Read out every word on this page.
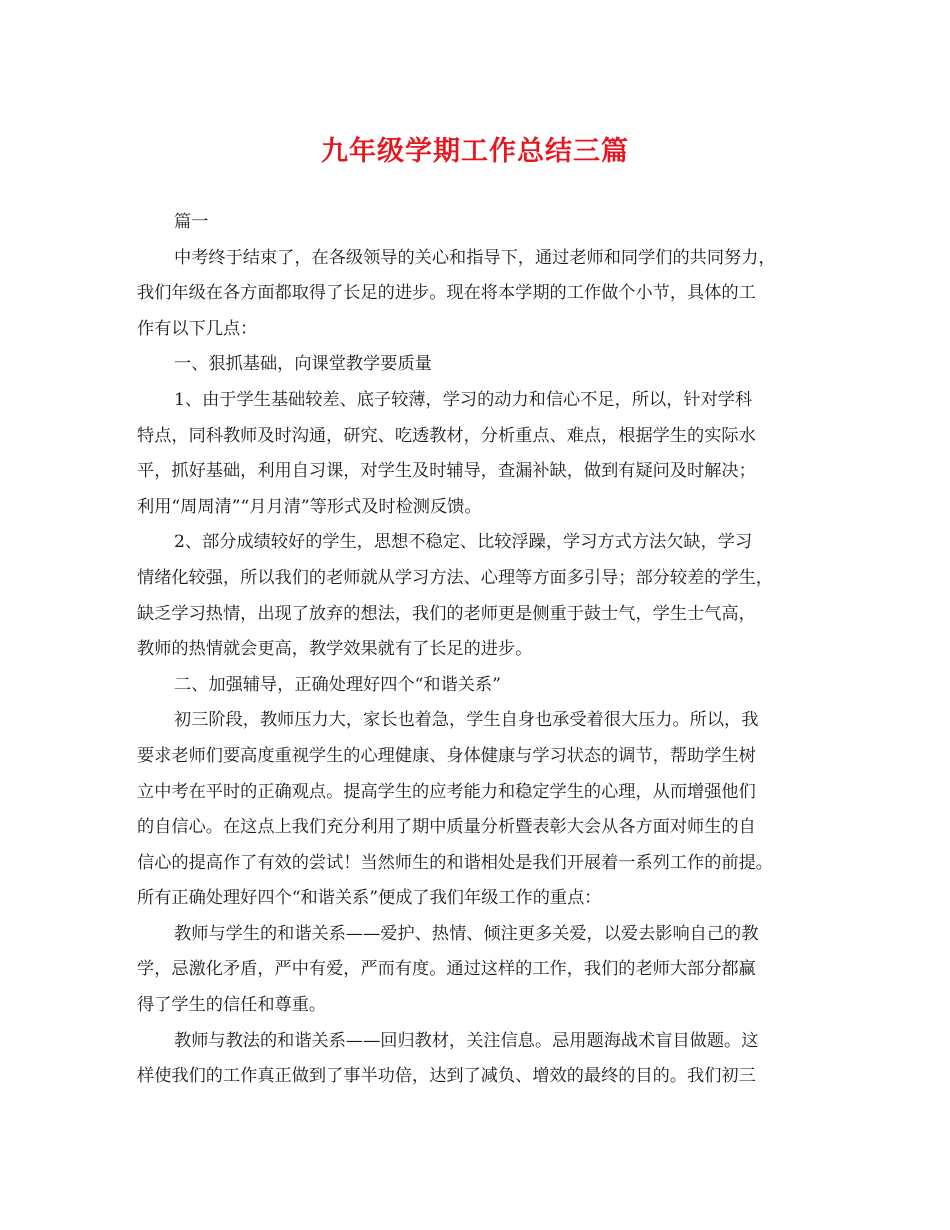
九年级学期工作总结三篇
篇一
中考终于结束了，在各级领导的关心和指导下，通过老师和同学们的共同努力，
我们年级在各方面都取得了长足的进步。现在将本学期的工作做个小节，具体的工
作有以下几点：
一、狠抓基础，向课堂教学要质量
1、由于学生基础较差、底子较薄，学习的动力和信心不足，所以，针对学科
特点，同科教师及时沟通，研究、吃透教材，分析重点、难点，根据学生的实际水
平，抓好基础，利用自习课，对学生及时辅导，查漏补缺，做到有疑问及时解决；
利用“周周清”“月月清”等形式及时检测反馈。
2、部分成绩较好的学生，思想不稳定、比较浮躁，学习方式方法欠缺，学习
情绪化较强，所以我们的老师就从学习方法、心理等方面多引导；部分较差的学生，
缺乏学习热情，出现了放弃的想法，我们的老师更是侧重于鼓士气，学生士气高，
教师的热情就会更高，教学效果就有了长足的进步。
二、加强辅导，正确处理好四个“和谐关系”
初三阶段，教师压力大，家长也着急，学生自身也承受着很大压力。所以，我
要求老师们要高度重视学生的心理健康、身体健康与学习状态的调节，帮助学生树
立中考在平时的正确观点。提高学生的应考能力和稳定学生的心理，从而增强他们
的自信心。在这点上我们充分利用了期中质量分析暨表彰大会从各方面对师生的自
信心的提高作了有效的尝试！当然师生的和谐相处是我们开展着一系列工作的前提。
所有正确处理好四个“和谐关系”便成了我们年级工作的重点：
教师与学生的和谐关系——爱护、热情、倾注更多关爱，以爱去影响自己的教
学，忌激化矛盾，严中有爱，严而有度。通过这样的工作，我们的老师大部分都赢
得了学生的信任和尊重。
教师与教法的和谐关系——回归教材，关注信息。忌用题海战术盲目做题。这
样使我们的工作真正做到了事半功倍，达到了减负、增效的最终的目的。我们初三
